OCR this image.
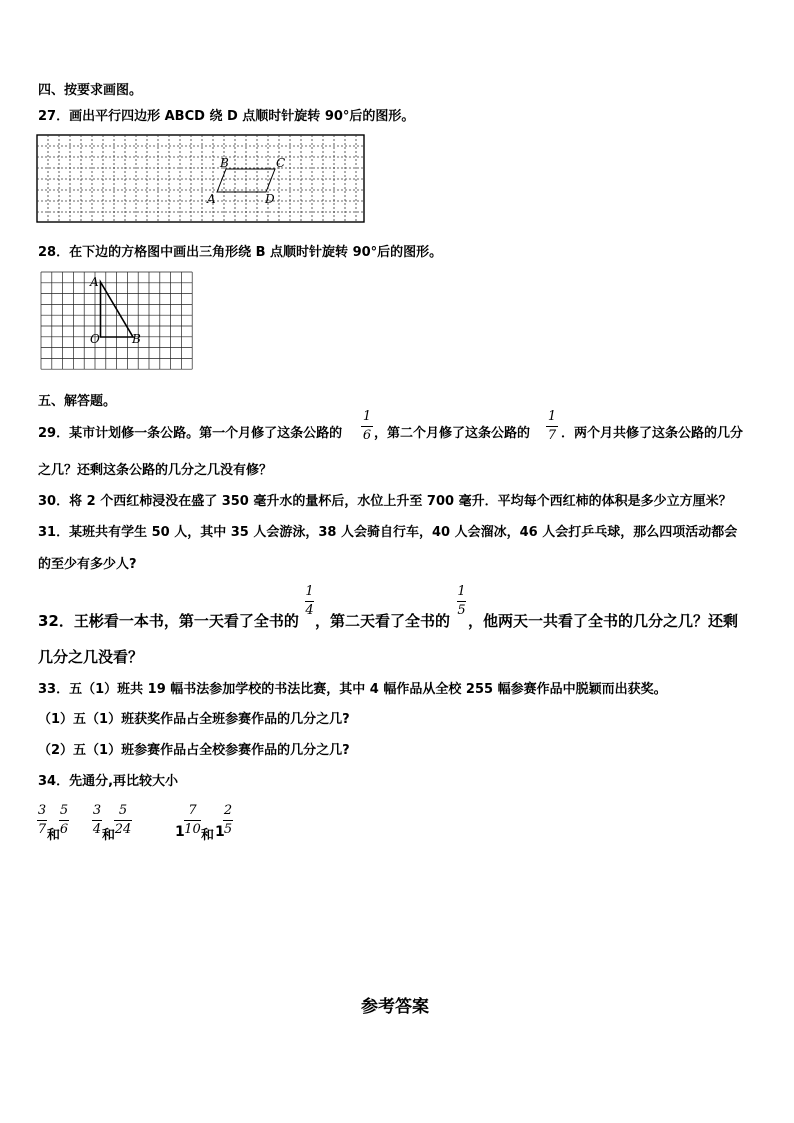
四、按要求画图。
27．画出平行四边形 ABCD 绕 D 点顺时针旋转 90°后的图形。
B	C
A	D
28．在下边的方格图中画出三角形绕 B 点顺时针旋转 90°后的图形。
A
O	B
五、解答题。
29．某市计划修一条公路。第一个月修了这条公路的
1
6 ，第二个月修了这条公路的
1
7 ．两个月共修了这条公路的几分
之几？还剩这条公路的几分之几没有修？
30．将 2 个西红柿浸没在盛了 350 毫升水的量杯后，水位上升至 700 毫升．平均每个西红柿的体积是多少立方厘米？
31．某班共有学生 50 人，其中 35 人会游泳，38 人会骑自行车，40 人会溜冰，46 人会打乒乓球，那么四项活动都会
的至少有多少人?
32．王彬看一本书，第一天看了全书的
1
4
，第二天看了全书的
1
5
，他两天一共看了全书的几分之几？还剩
几分之几没看？
33．五（1）班共 19 幅书法参加学校的书法比赛，其中 4 幅作品从全校 255 幅参赛作品中脱颖而出获奖。
（1）五（1）班获奖作品占全班参赛作品的几分之几?
（2）五（1）班参赛作品占全校参赛作品的几分之几?
34．先通分,再比较大小
3
7 和
5
6
3
4 和
5
24	1
7
10 和 1
2
5
参考答案
